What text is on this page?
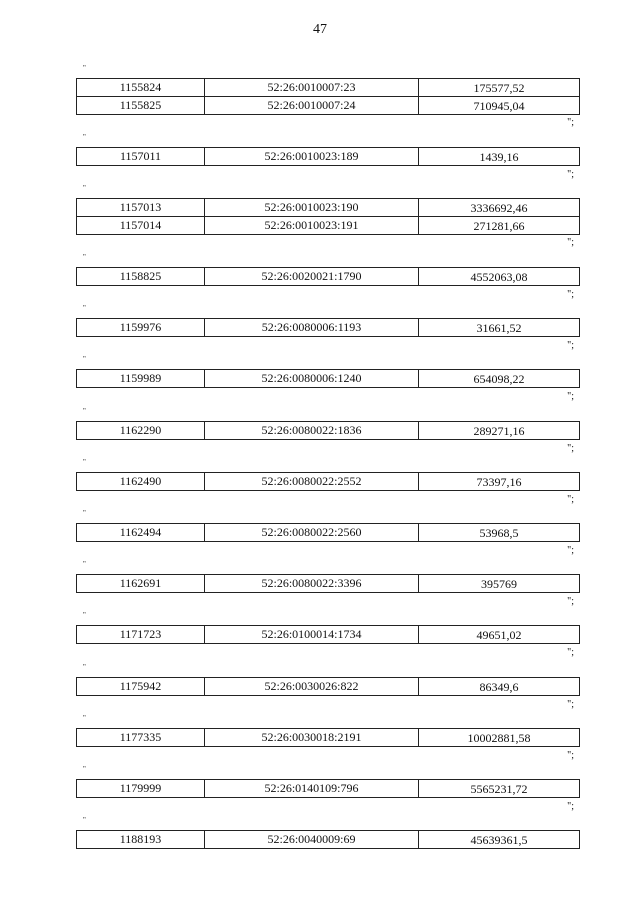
47
"
1155824	52:26:0010007:23	175577,52
1155825	52:26:0010007:24	710945,04
";
"
1157011	52:26:0010023:189	1439,16
";
"
1157013	52:26:0010023:190	3336692,46
1157014	52:26:0010023:191	271281,66
";
"
1158825	52:26:0020021:1790	4552063,08
";
"
1159976	52:26:0080006:1193	31661,52
";
"
1159989	52:26:0080006:1240	654098,22
";
"
1162290	52:26:0080022:1836	289271,16
";
"
1162490	52:26:0080022:2552	73397,16
";
"
1162494	52:26:0080022:2560	53968,5
";
"
1162691	52:26:0080022:3396	395769
";
"
1171723	52:26:0100014:1734	49651,02
";
"
1175942	52:26:0030026:822	86349,6
";
"
1177335	52:26:0030018:2191	10002881,58
";
"
1179999	52:26:0140109:796	5565231,72
";
"
1188193	52:26:0040009:69	45639361,5
